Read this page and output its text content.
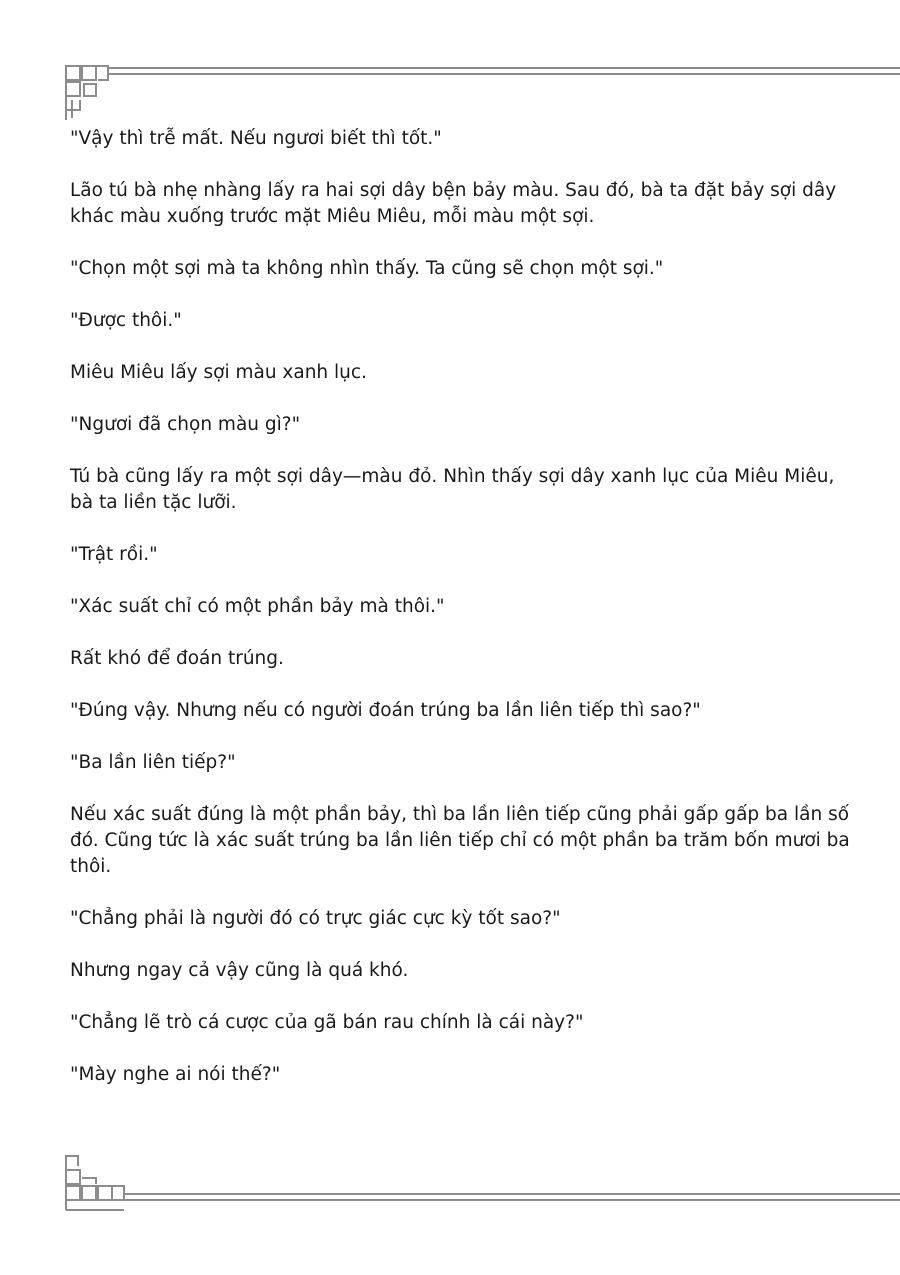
"Vậy thì trễ mất. Nếu ngươi biết thì tốt."

Lão tú bà nhẹ nhàng lấy ra hai sợi dây bện bảy màu. Sau đó, bà ta đặt bảy sợi dây khác màu xuống trước mặt Miêu Miêu, mỗi màu một sợi.

"Chọn một sợi mà ta không nhìn thấy. Ta cũng sẽ chọn một sợi."

"Được thôi."

Miêu Miêu lấy sợi màu xanh lục.

"Ngươi đã chọn màu gì?"

Tú bà cũng lấy ra một sợi dây—màu đỏ. Nhìn thấy sợi dây xanh lục của Miêu Miêu, bà ta liền tặc lưỡi.

"Trật rồi."

"Xác suất chỉ có một phần bảy mà thôi."

Rất khó để đoán trúng.

"Đúng vậy. Nhưng nếu có người đoán trúng ba lần liên tiếp thì sao?"

"Ba lần liên tiếp?"

Nếu xác suất đúng là một phần bảy, thì ba lần liên tiếp cũng phải gấp gấp ba lần số đó. Cũng tức là xác suất trúng ba lần liên tiếp chỉ có một phần ba trăm bốn mươi ba thôi.

"Chẳng phải là người đó có trực giác cực kỳ tốt sao?"

Nhưng ngay cả vậy cũng là quá khó.

"Chẳng lẽ trò cá cược của gã bán rau chính là cái này?"

"Mày nghe ai nói thế?"
